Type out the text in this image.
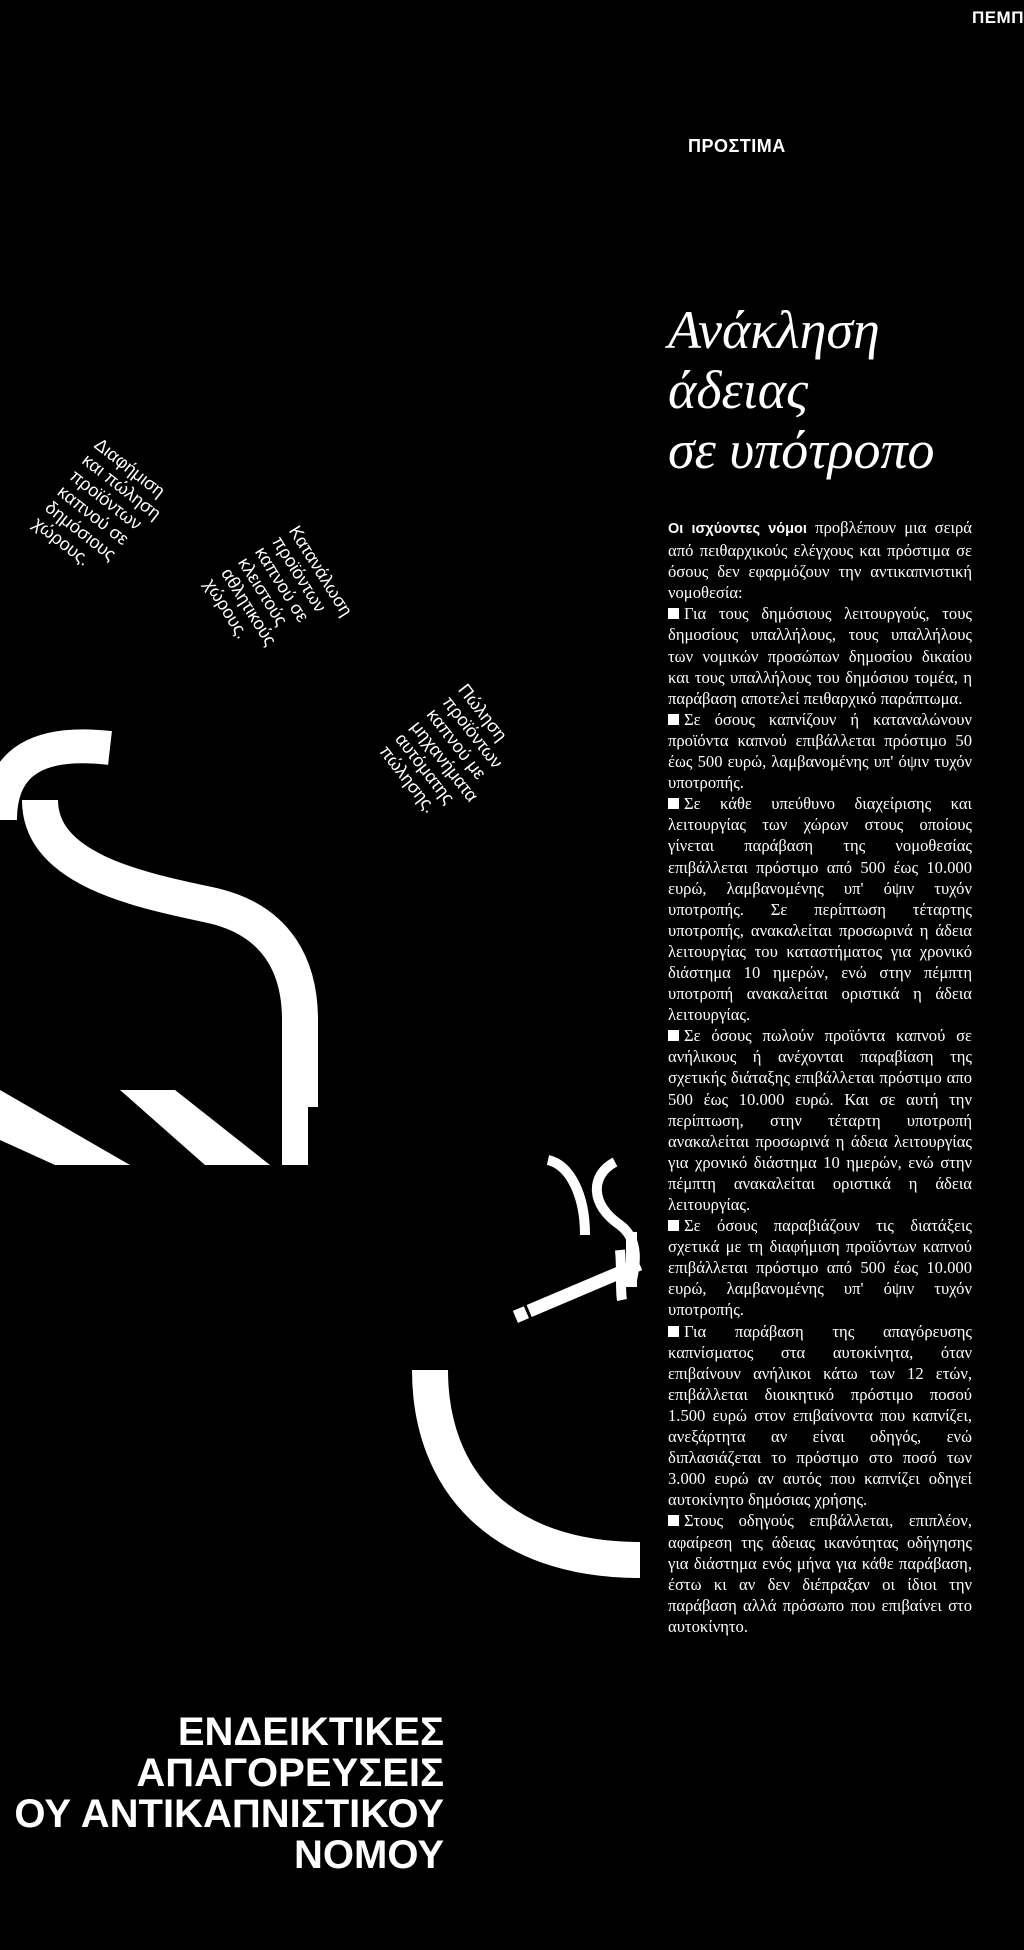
ΠΕΜΠ
ΠΡΟΣΤΙΜΑ
Διαφήμιση
και πώληση
προϊόντων
καπνού σε
δημόσιους
χώρους.	Κατανάλωση
προϊόντων
καπνού σε
κλειστούς
αθλητικούς
χώρους.
Πώληση
προϊόντων
καπνού με
μηχανήματα
αυτόματης
πώλησης.
Ανάκληση
άδειας
σε υπότροπο

Οι ισχύοντες νόμοι προβλέπουν μια σειρά από πειθαρχικούς ελέγχους και πρόστιμα σε όσους δεν εφαρμόζουν την αντικαπνιστική νομοθεσία:

Για τους δημόσιους λειτουργούς, τους δημοσίους υπαλλήλους, τους υπαλλήλους των νομικών προσώπων δημοσίου δικαίου και τους υπαλλήλους του δημόσιου τομέα, η παράβαση αποτελεί πειθαρχικό παράπτωμα.

Σε όσους καπνίζουν ή καταναλώνουν προϊόντα καπνού επιβάλλεται πρόστιμο 50 έως 500 ευρώ, λαμβανομένης υπ' όψιν τυχόν υποτροπής.

Σε κάθε υπεύθυνο διαχείρισης και λειτουργίας των χώρων στους οποίους γίνεται παράβαση της νομοθεσίας επιβάλλεται πρόστιμο από 500 έως 10.000 ευρώ, λαμβανομένης υπ' όψιν τυχόν υποτροπής. Σε περίπτωση τέταρτης υποτροπής, ανακαλείται προσωρινά η άδεια λειτουργίας του καταστήματος για χρονικό διάστημα 10 ημερών, ενώ στην πέμπτη υποτροπή ανακαλείται οριστικά η άδεια λειτουργίας.

Σε όσους πωλούν προϊόντα καπνού σε ανήλικους ή ανέχονται παραβίαση της σχετικής διάταξης επιβάλλεται πρόστιμο απο 500 έως 10.000 ευρώ. Και σε αυτή την περίπτωση, στην τέταρτη υποτροπή ανακαλείται προσωρινά η άδεια λειτουργίας για χρονικό διάστημα 10 ημερών, ενώ στην πέμπτη ανακαλείται οριστικά η άδεια λειτουργίας.

Σε όσους παραβιάζουν τις διατάξεις σχετικά με τη διαφήμιση προϊόντων καπνού επιβάλλεται πρόστιμο από 500 έως 10.000 ευρώ, λαμβανομένης υπ' όψιν τυχόν υποτροπής.

Για παράβαση της απαγόρευσης καπνίσματος στα αυτοκίνητα, όταν επιβαίνουν ανήλικοι κάτω των 12 ετών, επιβάλλεται διοικητικό πρόστιμο ποσού 1.500 ευρώ στον επιβαίνοντα που καπνίζει, ανεξάρτητα αν είναι οδηγός, ενώ διπλασιάζεται το πρόστιμο στο ποσό των 3.000 ευρώ αν αυτός που καπνίζει οδηγεί αυτοκίνητο δημόσιας χρήσης.

Στους οδηγούς επιβάλλεται, επιπλέον, αφαίρεση της άδειας ικανότητας οδήγησης για διάστημα ενός μήνα για κάθε παράβαση, έστω κι αν δεν διέπραξαν οι ίδιοι την παράβαση αλλά πρόσωπο που επιβαίνει στο αυτοκίνητο.

ΕΝΔΕΙΚΤΙΚΕΣ
ΑΠΑΓΟΡΕΥΣΕΙΣ
ΟΥ ΑΝΤΙΚΑΠΝΙΣΤΙΚΟΥ
ΝΟΜΟΥ
